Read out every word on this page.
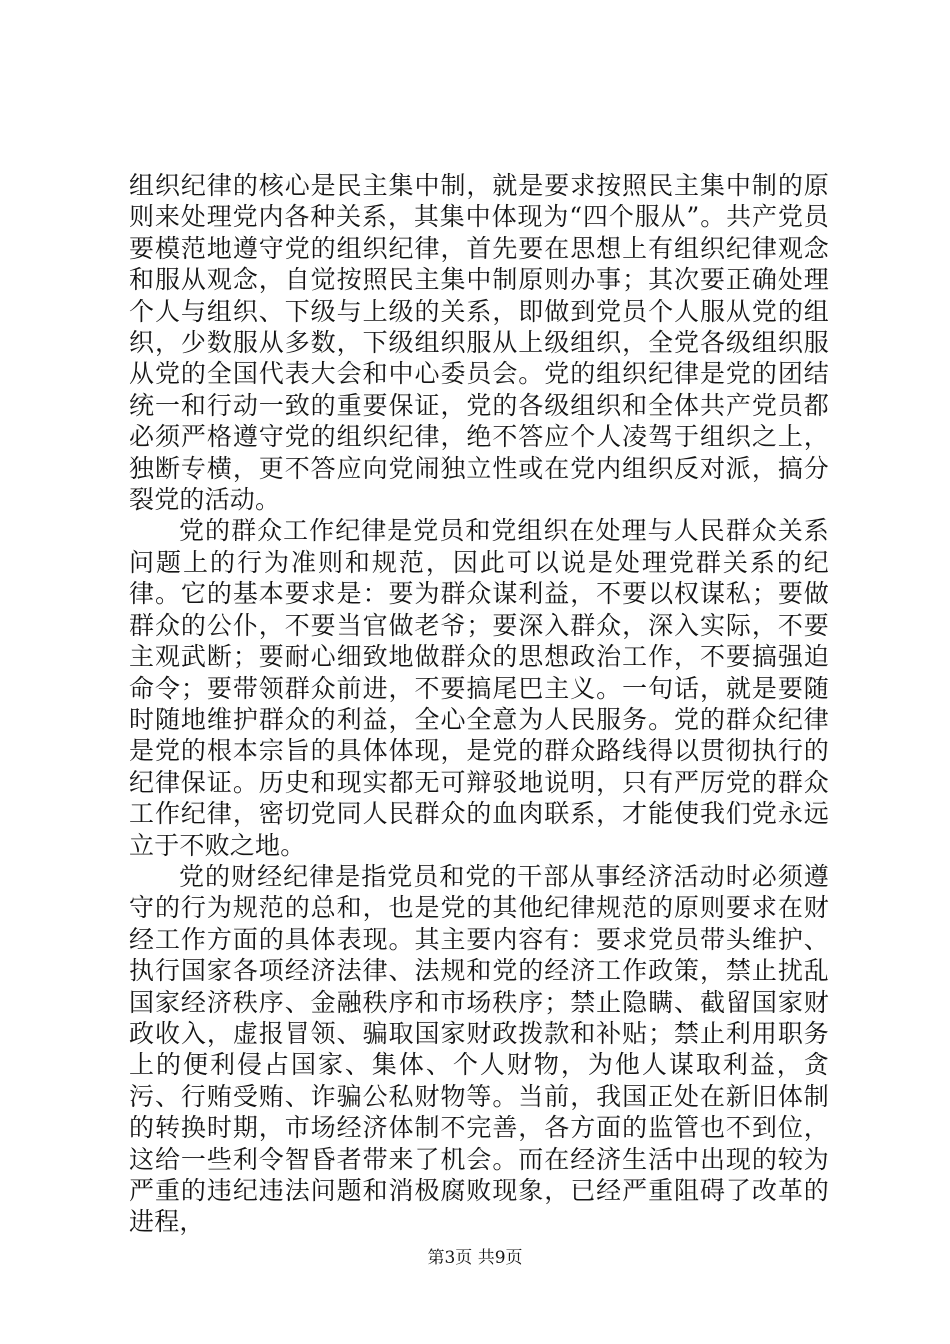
组织纪律的核心是民主集中制，就是要求按照民主集中制的原则来处理党内各种关系，其集中体现为“四个服从”。共产党员要模范地遵守党的组织纪律，首先要在思想上有组织纪律观念和服从观念，自觉按照民主集中制原则办事；其次要正确处理个人与组织、下级与上级的关系，即做到党员个人服从党的组织，少数服从多数，下级组织服从上级组织，全党各级组织服从党的全国代表大会和中心委员会。党的组织纪律是党的团结统一和行动一致的重要保证，党的各级组织和全体共产党员都必须严格遵守党的组织纪律，绝不答应个人凌驾于组织之上，独断专横，更不答应向党闹独立性或在党内组织反对派，搞分裂党的活动。

党的群众工作纪律是党员和党组织在处理与人民群众关系问题上的行为准则和规范，因此可以说是处理党群关系的纪律。它的基本要求是：要为群众谋利益，不要以权谋私；要做群众的公仆，不要当官做老爷；要深入群众，深入实际，不要主观武断；要耐心细致地做群众的思想政治工作，不要搞强迫命令；要带领群众前进，不要搞尾巴主义。一句话，就是要随时随地维护群众的利益，全心全意为人民服务。党的群众纪律是党的根本宗旨的具体体现，是党的群众路线得以贯彻执行的纪律保证。历史和现实都无可辩驳地说明，只有严厉党的群众工作纪律，密切党同人民群众的血肉联系，才能使我们党永远立于不败之地。

党的财经纪律是指党员和党的干部从事经济活动时必须遵守的行为规范的总和，也是党的其他纪律规范的原则要求在财经工作方面的具体表现。其主要内容有：要求党员带头维护、执行国家各项经济法律、法规和党的经济工作政策，禁止扰乱国家经济秩序、金融秩序和市场秩序；禁止隐瞒、截留国家财政收入，虚报冒领、骗取国家财政拨款和补贴；禁止利用职务上的便利侵占国家、集体、个人财物，为他人谋取利益，贪污、行贿受贿、诈骗公私财物等。当前，我国正处在新旧体制的转换时期，市场经济体制不完善，各方面的监管也不到位，这给一些利令智昏者带来了机会。而在经济生活中出现的较为严重的违纪违法问题和消极腐败现象，已经严重阻碍了改革的进程，

第3页 共9页
